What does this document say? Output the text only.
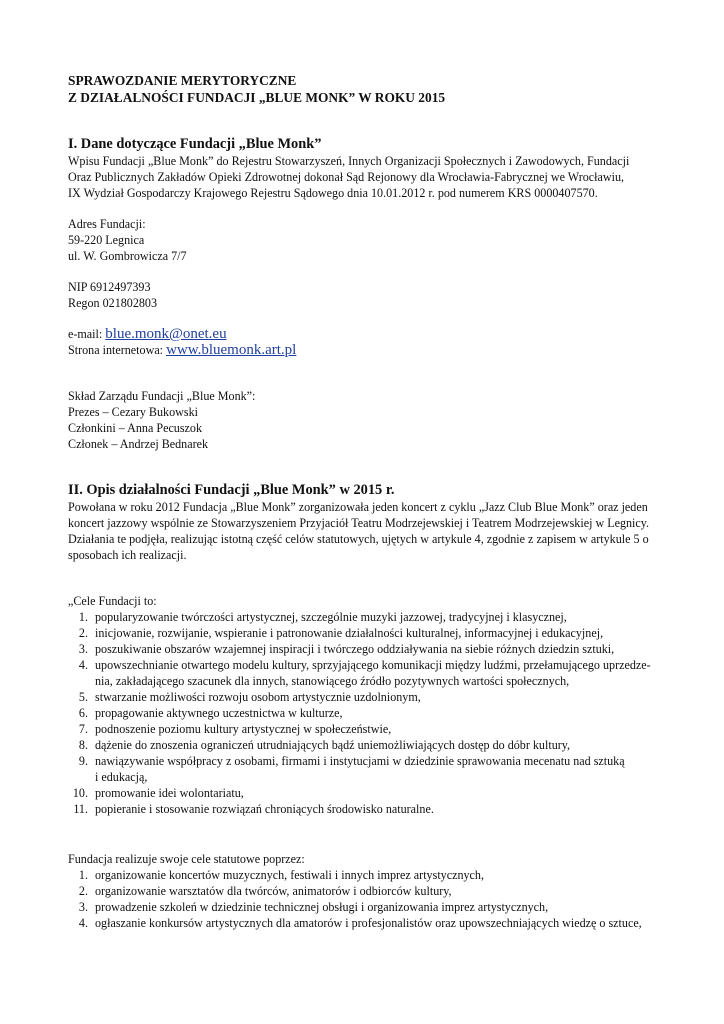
SPRAWOZDANIE MERYTORYCZNE

Z DZIAŁALNOŚCI FUNDACJI „BLUE MONK” W ROKU 2015

I. Dane dotyczące Fundacji „Blue Monk”

Wpisu Fundacji „Blue Monk” do Rejestru Stowarzyszeń, Innych Organizacji Społecznych i Zawodowych, Fundacji

Oraz Publicznych Zakładów Opieki Zdrowotnej dokonał Sąd Rejonowy dla Wrocławia-Fabrycznej we Wrocławiu,

IX Wydział Gospodarczy Krajowego Rejestru Sądowego dnia 10.01.2012 r. pod numerem KRS 0000407570.

Adres Fundacji:

59-220 Legnica

ul. W. Gombrowicza 7/7

NIP 6912497393

Regon 021802803

e-mail: blue.monk@onet.eu

Strona internetowa: www.bluemonk.art.pl

Skład Zarządu Fundacji „Blue Monk”:

Prezes – Cezary Bukowski

Członkini – Anna Pecuszok

Członek – Andrzej Bednarek

II. Opis działalności Fundacji „Blue Monk” w 2015 r.

Powołana w roku 2012 Fundacja „Blue Monk” zorganizowała jeden koncert z cyklu „Jazz Club Blue Monk” oraz jeden

koncert jazzowy wspólnie ze Stowarzyszeniem Przyjaciół Teatru Modrzejewskiej i Teatrem Modrzejewskiej w Legnicy.

Działania te podjęła, realizując istotną część celów statutowych, ujętych w artykule 4, zgodnie z zapisem w artykule 5 o

sposobach ich realizacji.

„Cele Fundacji to:

1. popularyzowanie twórczości artystycznej, szczególnie muzyki jazzowej, tradycyjnej i klasycznej,
2. inicjowanie, rozwijanie, wspieranie i patronowanie działalności kulturalnej, informacyjnej i edukacyjnej,
3. poszukiwanie obszarów wzajemnej inspiracji i twórczego oddziaływania na siebie różnych dziedzin sztuki,
4. upowszechnianie otwartego modelu kultury, sprzyjającego komunikacji między ludźmi, przełamującego uprzedze-
nia, zakładającego szacunek dla innych, stanowiącego źródło pozytywnych wartości społecznych,
5. stwarzanie możliwości rozwoju osobom artystycznie uzdolnionym,
6. propagowanie aktywnego uczestnictwa w kulturze,
7. podnoszenie poziomu kultury artystycznej w społeczeństwie,
8. dążenie do znoszenia ograniczeń utrudniających bądź uniemożliwiających dostęp do dóbr kultury,
9. nawiązywanie współpracy z osobami, firmami i instytucjami w dziedzinie sprawowania mecenatu nad sztuką
i edukacją,
10. promowanie idei wolontariatu,
11. popieranie i stosowanie rozwiązań chroniących środowisko naturalne.

Fundacja realizuje swoje cele statutowe poprzez:

1. organizowanie koncertów muzycznych, festiwali i innych imprez artystycznych,
2. organizowanie warsztatów dla twórców, animatorów i odbiorców kultury,
3. prowadzenie szkoleń w dziedzinie technicznej obsługi i organizowania imprez artystycznych,
4. ogłaszanie konkursów artystycznych dla amatorów i profesjonalistów oraz upowszechniających wiedzę o sztuce,
